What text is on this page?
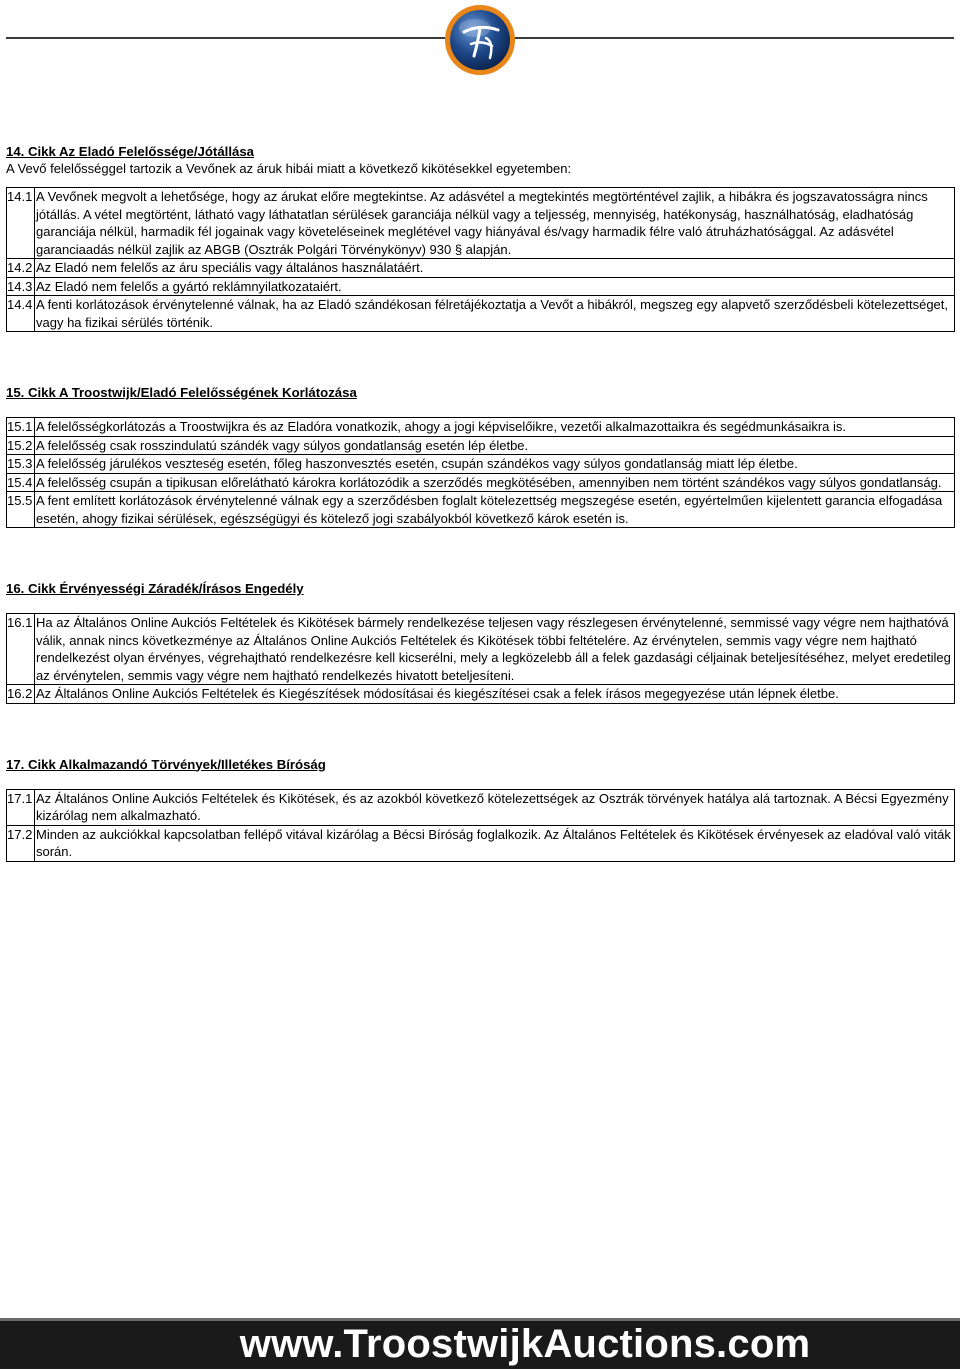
14. Cikk Az Eladó Felelőssége/Jótállása

A Vevő felelősséggel tartozik a Vevőnek az áruk hibái miatt a következő kikötésekkel egyetemben:

14.1	A Vevőnek megvolt a lehetősége, hogy az árukat előre megtekintse. Az adásvétel a megtekintés megtörténtével zajlik, a hibákra és jogszavatosságra nincs jótállás. A vétel megtörtént, látható vagy láthatatlan sérülések garanciája nélkül vagy a teljesség, mennyiség, hatékonyság, használhatóság, eladhatóság garanciája nélkül, harmadik fél jogainak vagy követeléseinek meglétével vagy hiányával és/vagy harmadik félre való átruházhatósággal. Az adásvétel garanciaadás nélkül zajlik az ABGB (Osztrák Polgári Törvénykönyv) 930 § alapján.
14.2	Az Eladó nem felelős az áru speciális vagy általános használatáért.
14.3	Az Eladó nem felelős a gyártó reklámnyilatkozataiért.
14.4	A fenti korlátozások érvénytelenné válnak, ha az Eladó szándékosan félretájékoztatja a Vevőt a hibákról, megszeg egy alapvető szerződésbeli kötelezettséget, vagy ha fizikai sérülés történik.
15. Cikk A Troostwijk/Eladó Felelősségének Korlátozása
15.1	A felelősségkorlátozás a Troostwijkra és az Eladóra vonatkozik, ahogy a jogi képviselőikre, vezetői alkalmazottaikra és segédmunkásaikra is.
15.2	A felelősség csak rosszindulatú szándék vagy súlyos gondatlanság esetén lép életbe.
15.3	A felelősség járulékos veszteség esetén, főleg haszonvesztés esetén, csupán szándékos vagy súlyos gondatlanság miatt lép életbe.
15.4	A felelősség csupán a tipikusan előrelátható károkra korlátozódik a szerződés megkötésében, amennyiben nem történt szándékos vagy súlyos gondatlanság.
15.5	A fent említett korlátozások érvénytelenné válnak egy a szerződésben foglalt kötelezettség megszegése esetén, egyértelműen kijelentett garancia elfogadása esetén, ahogy fizikai sérülések, egészségügyi és kötelező jogi szabályokból következő károk esetén is.
16. Cikk Érvényességi Záradék/Írásos Engedély
16.1	Ha az Általános Online Aukciós Feltételek és Kikötések bármely rendelkezése teljesen vagy részlegesen érvénytelenné, semmissé vagy végre nem hajthatóvá válik, annak nincs következménye az Általános Online Aukciós Feltételek és Kikötések többi feltételére. Az érvénytelen, semmis vagy végre nem hajtható rendelkezést olyan érvényes, végrehajtható rendelkezésre kell kicserélni, mely a legközelebb áll a felek gazdasági céljainak beteljesítéséhez, melyet eredetileg az érvénytelen, semmis vagy végre nem hajtható rendelkezés hivatott beteljesíteni.
16.2	Az Általános Online Aukciós Feltételek és Kiegészítések módosításai és kiegészítései csak a felek írásos megegyezése után lépnek életbe.
17. Cikk Alkalmazandó Törvények/Illetékes Bíróság
17.1	Az Általános Online Aukciós Feltételek és Kikötések, és az azokból következő kötelezettségek az Osztrák törvények hatálya alá tartoznak. A Bécsi Egyezmény kizárólag nem alkalmazható.
17.2	Minden az aukciókkal kapcsolatban fellépő vitával kizárólag a Bécsi Bíróság foglalkozik. Az Általános Feltételek és Kikötések érvényesek az eladóval való viták során.
www.TroostwijkAuctions.com
